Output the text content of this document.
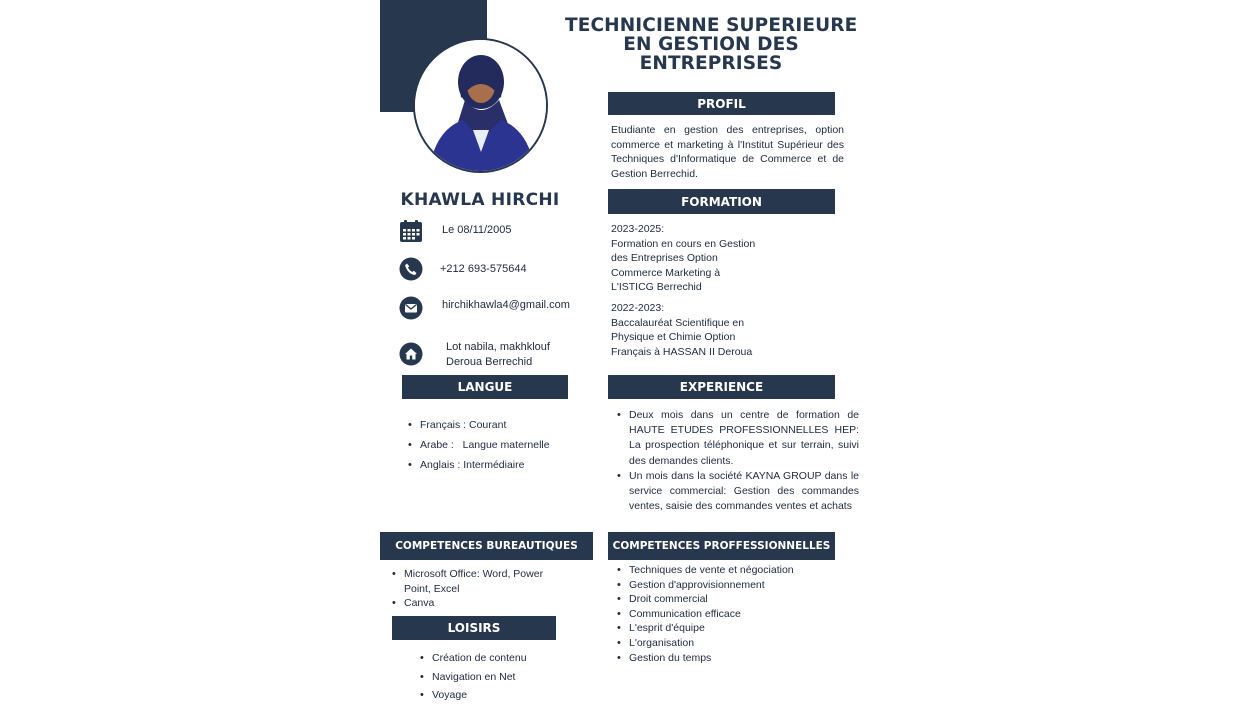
TECHNICIENNE SUPERIEURE
EN GESTION DES
ENTREPRISES
KHAWLA HIRCHI
Le 08/11/2005
+212 693-575644
hirchikhawla4@gmail.com
Lot nabila, makhklouf
Deroua Berrechid
PROFIL
Etudiante en gestion des entreprises, option commerce et marketing à l'Institut Supérieur des Techniques d'Informatique de Commerce et de Gestion Berrechid.
FORMATION
2023-2025:
Formation en cours en Gestion
des Entreprises Option
Commerce Marketing à
L'ISTICG Berrechid
2022-2023:
Baccalauréat Scientifique en
Physique et Chimie Option
Français à HASSAN II Deroua
LANGUE
• Français : Courant
• Arabe :   Langue maternelle
• Anglais : Intermédiaire
EXPERIENCE
• Deux mois dans un centre de formation de HAUTE ETUDES PROFESSIONNELLES HEP: La prospection téléphonique et sur terrain, suivi des demandes clients.
• Un mois dans la société KAYNA GROUP dans le service commercial: Gestion des commandes ventes, saisie des commandes ventes et achats
COMPETENCES BUREAUTIQUES
• Microsoft Office: Word, Power Point, Excel
• Canva
COMPETENCES PROFFESSIONNELLES
• Techniques de vente et négociation
• Gestion d'approvisionnement
• Droit commercial
• Communication efficace
• L'esprit d'équipe
• L'organisation
• Gestion du temps
LOISIRS
• Création de contenu
• Navigation en Net
• Voyage
